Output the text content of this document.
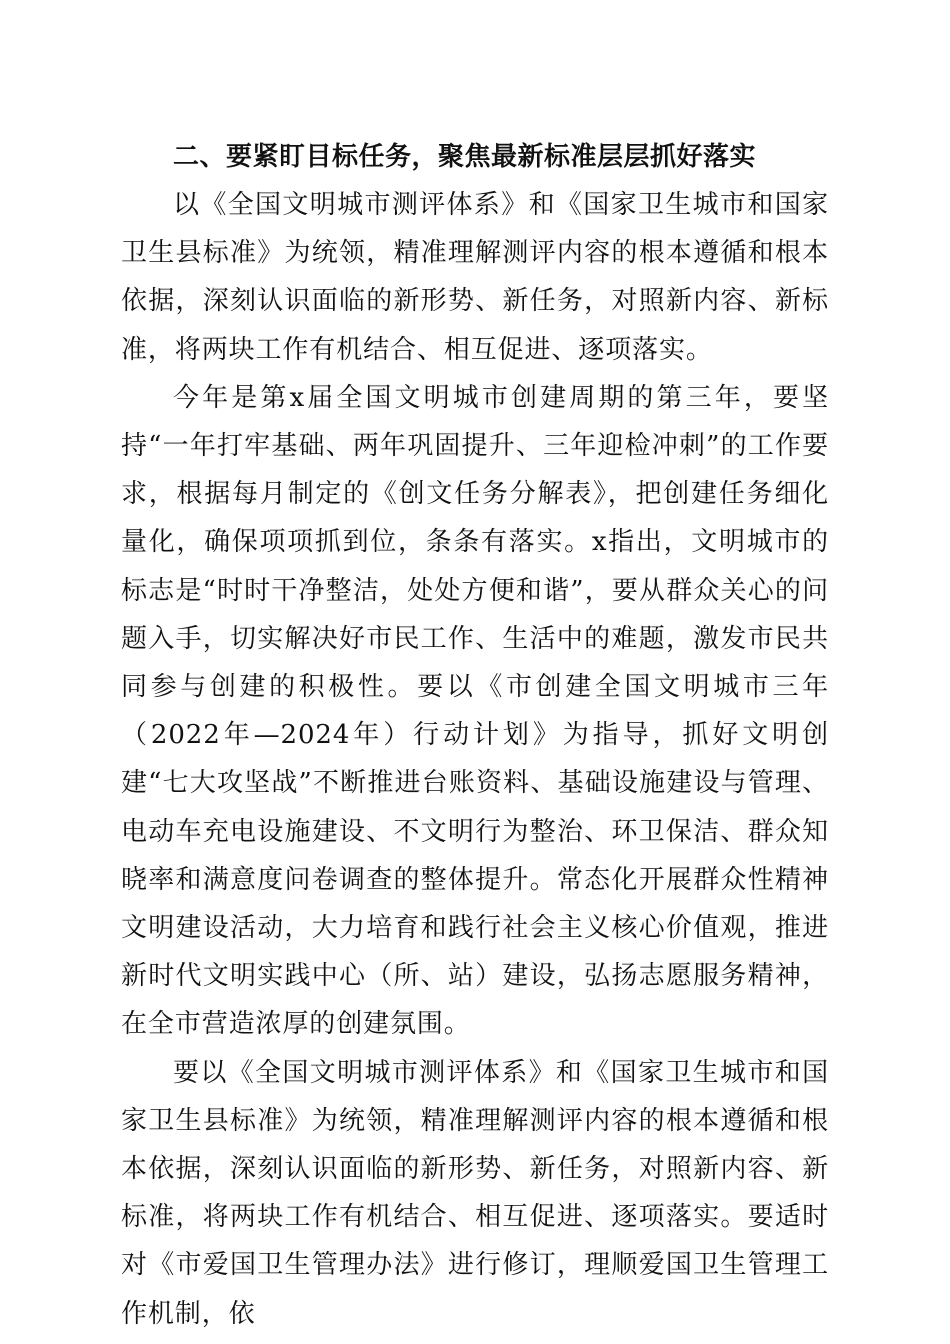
二、要紧盯目标任务，聚焦最新标准层层抓好落实

以《全国文明城市测评体系》和《国家卫生城市和国家卫生县标准》为统领，精准理解测评内容的根本遵循和根本依据，深刻认识面临的新形势、新任务，对照新内容、新标准，将两块工作有机结合、相互促进、逐项落实。

今年是第x届全国文明城市创建周期的第三年，要坚持“一年打牢基础、两年巩固提升、三年迎检冲刺”的工作要求，根据每月制定的《创文任务分解表》，把创建任务细化量化，确保项项抓到位，条条有落实。x指出，文明城市的标志是“时时干净整洁，处处方便和谐”，要从群众关心的问题入手，切实解决好市民工作、生活中的难题，激发市民共同参与创建的积极性。要以《市创建全国文明城市三年（2022年—2024年）行动计划》为指导，抓好文明创建“七大攻坚战”不断推进台账资料、基础设施建设与管理、电动车充电设施建设、不文明行为整治、环卫保洁、群众知晓率和满意度问卷调查的整体提升。常态化开展群众性精神文明建设活动，大力培育和践行社会主义核心价值观，推进新时代文明实践中心（所、站）建设，弘扬志愿服务精神，在全市营造浓厚的创建氛围。

要以《全国文明城市测评体系》和《国家卫生城市和国家卫生县标准》为统领，精准理解测评内容的根本遵循和根本依据，深刻认识面临的新形势、新任务，对照新内容、新标准，将两块工作有机结合、相互促进、逐项落实。要适时对《市爱国卫生管理办法》进行修订，理顺爱国卫生管理工作机制，依
